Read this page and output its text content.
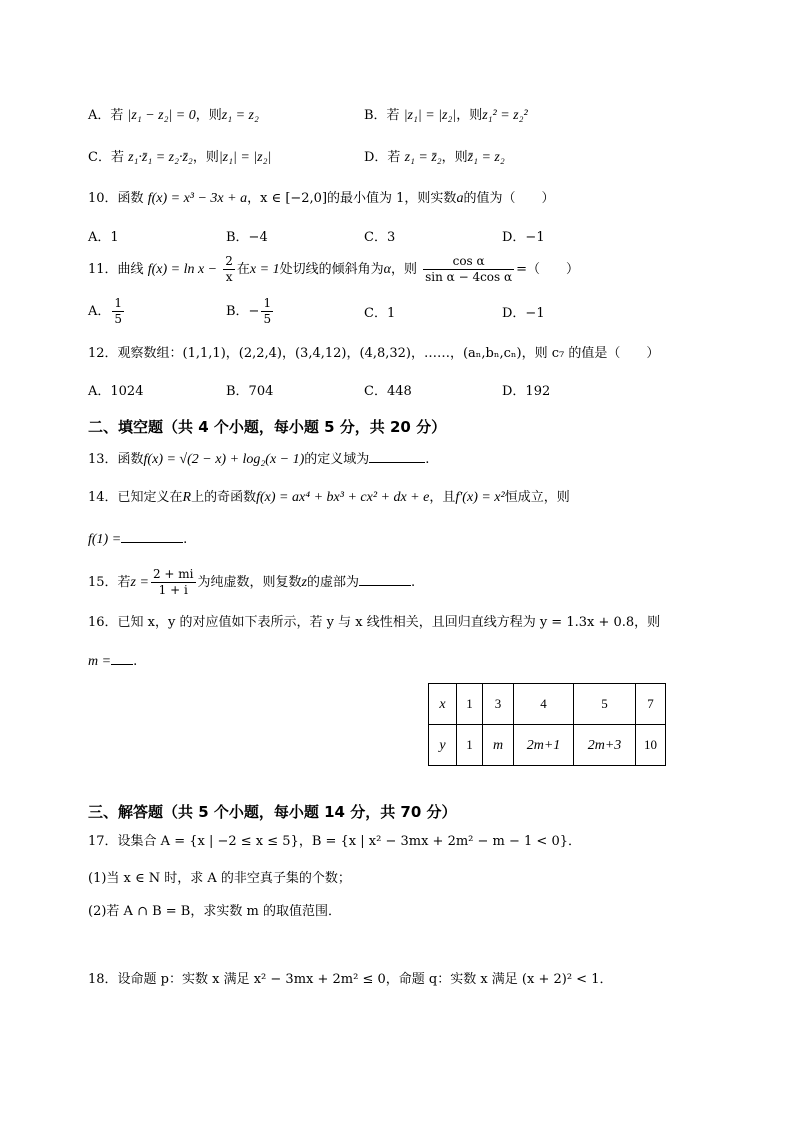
A．若 |z₁ − z₂| = 0，则z₁ = z₂	B．若 |z₁| = |z₂|，则z₁² = z₂²
C．若 z₁·z̄₁ = z₂·z̄₂，则|z₁| = |z₂|	D．若 z₁ = z̄₂，则z̄₁ = z₂
10．函数 f(x) = x³ − 3x + a，x ∈ [−2,0]的最小值为 1，则实数a的值为（　　）
A．1	B．−4	C．3	D．−1
11．曲线 $f(x) = \ln x - \frac{2}{x}$ 在x = 1处切线的倾斜角为α，则 $\frac{\text{cos α}}{\text{sin α − 4cos α}}$ =（　　）
A． $\frac{1}{5}$	B．− $\frac{1}{5}$	C．1	D．−1
12．观察数组：(1,1,1)，(2,2,4)，(3,4,12)，(4,8,32)，……，(aₙ,bₙ,cₙ)，则 c₇ 的值是（　　）
A．1024	B．704	C．448	D．192
二、填空题（共 4 个小题，每小题 5 分，共 20 分）
13．函数f(x) = √(2 − x) + log₂(x − 1)的定义域为	.
14．已知定义在R上的奇函数f(x) = ax⁴ + bx³ + cx² + dx + e，且f′(x) = x²恒成立，则
f(1) =	.
15．若$z = \frac{2 + mi}{1 + i}$ 为纯虚数，则复数z的虚部为	.
16．已知 x，y 的对应值如下表所示，若 y 与 x 线性相关，且回归直线方程为 y = 1.3x + 0.8，则
m = .
x	1	3	4	5	7
y	1	m	2m+1	2m+3	10
三、解答题（共 5 个小题，每小题 14 分，共 70 分）
17．设集合 A = {x | −2 ≤ x ≤ 5}，B = {x | x² − 3mx + 2m² − m − 1 < 0}．
(1)当 x ∈ N 时，求 A 的非空真子集的个数；
(2)若 A ∩ B = B，求实数 m 的取值范围．
18．设命题 p：实数 x 满足 x² − 3mx + 2m² ≤ 0，命题 q：实数 x 满足 (x + 2)² < 1．
